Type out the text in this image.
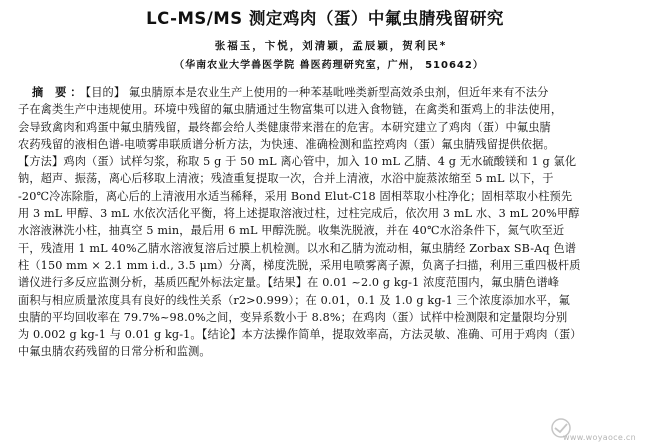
LC-MS/MS 测定鸡肉（蛋）中氟虫腈残留研究
张福玉，卞悦，刘清颖，孟辰颖，贺利民*
（华南农业大学兽医学院 兽医药理研究室，广州， 510642）

摘 要：【目的】 氟虫腈原本是农业生产上使用的一种苯基吡唑类新型高效杀虫剂，但近年来有不法分

子在禽类生产中违规使用。环境中残留的氟虫腈通过生物富集可以进入食物链，在禽类和蛋鸡上的非法使用，

会导致禽肉和鸡蛋中氟虫腈残留，最终都会给人类健康带来潜在的危害。本研究建立了鸡肉（蛋）中氟虫腈

农药残留的液相色谱-电喷雾串联质谱分析方法，为快速、准确检测和监控鸡肉（蛋）氟虫腈残留提供依据。

【方法】鸡肉（蛋）试样匀浆，称取 5 g 于 50 mL 离心管中，加入 10 mL 乙腈、4 g 无水硫酸镁和 1 g 氯化

钠，超声、振荡，离心后移取上清液；残渣重复提取一次，合并上清液，水浴中旋蒸浓缩至 5 mL 以下，于

-20℃冷冻除脂，离心后的上清液用水适当稀释，采用 Bond Elut-C18 固相萃取小柱净化；固相萃取小柱预先

用 3 mL 甲醇、3 mL 水依次活化平衡，将上述提取溶液过柱，过柱完成后，依次用 3 mL 水、3 mL 20%甲醇

水溶液淋洗小柱，抽真空 5 min，最后用 6 mL 甲醇洗脱。收集洗脱液，并在 40℃水浴条件下，氮气吹至近

干，残渣用 1 mL 40%乙腈水溶液复溶后过膜上机检测。以水和乙腈为流动相，氟虫腈经 Zorbax SB-Aq 色谱

柱（150 mm × 2.1 mm i.d., 3.5 μm）分离，梯度洗脱，采用电喷雾离子源，负离子扫描，利用三重四极杆质

谱仪进行多反应监测分析，基质匹配外标法定量。【结果】在 0.01 ~2.0 g kg-1 浓度范围内，氟虫腈色谱峰

面积与相应质量浓度具有良好的线性关系（r2>0.999）；在 0.01，0.1 及 1.0 g kg-1 三个浓度添加水平，氟

虫腈的平均回收率在 79.7%~98.0%之间，变异系数小于 8.8%；在鸡肉（蛋）试样中检测限和定量限均分别

为 0.002 g kg-1 与 0.01 g kg-1。【结论】本方法操作简单，提取效率高，方法灵敏、准确、可用于鸡肉（蛋）

中氟虫腈农药残留的日常分析和监测。

www.woyaoce.cn
